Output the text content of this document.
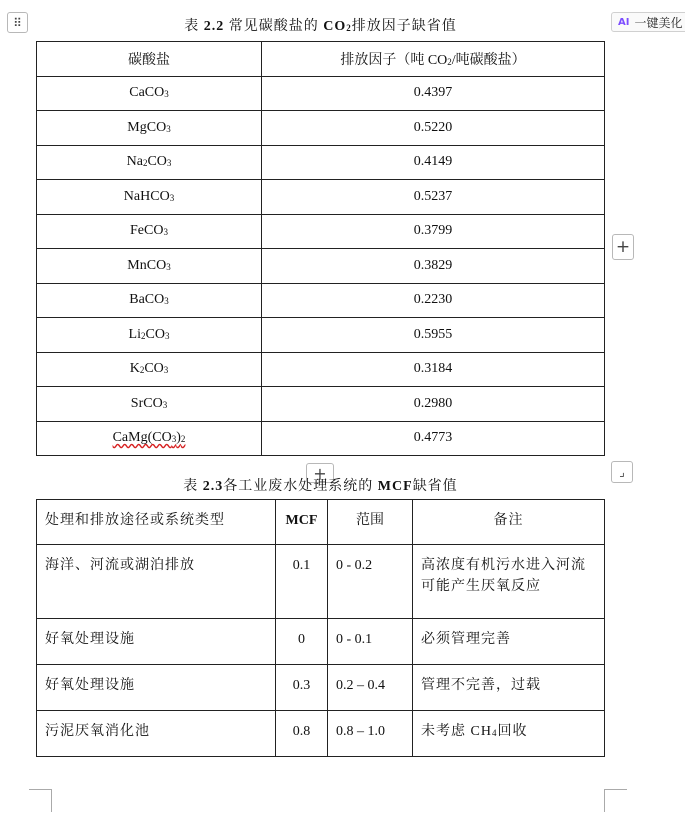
⠿	AI 一键美化
+
+	⌟
表 2.2 常见碳酸盐的 $CO_2$排放因子缺省值
碳酸盐	排放因子（吨 $CO_2/$吨碳酸盐）
CaCO$_3$	0.4397
MgCO$_3$	0.5220
$Na_2CO_3$	0.4149
NaHCO$_3$	0.5237
FeCO$_3$	0.3799
MnCO$_3$	0.3829
BaCO$_3$	0.2230
$Li_2CO_3$	0.5955
$K_2CO_3$	0.3184
SrCO$_3$	0.2980
$CaMg(CO_3)_2$	0.4773
表 2.3各工业废水处理系统的 MCF缺省值
处理和排放途径或系统类型	MCF	范围	备注
海洋、河流或湖泊排放	0.1	0 - 0.2	高浓度有机污水进入河流可能产生厌氧反应
好氧处理设施	0	0 - 0.1	必须管理完善
好氧处理设施	0.3	0.2 – 0.4	管理不完善，过载
污泥厌氧消化池	0.8	0.8 – 1.0	未考虑 $CH_4$回收
